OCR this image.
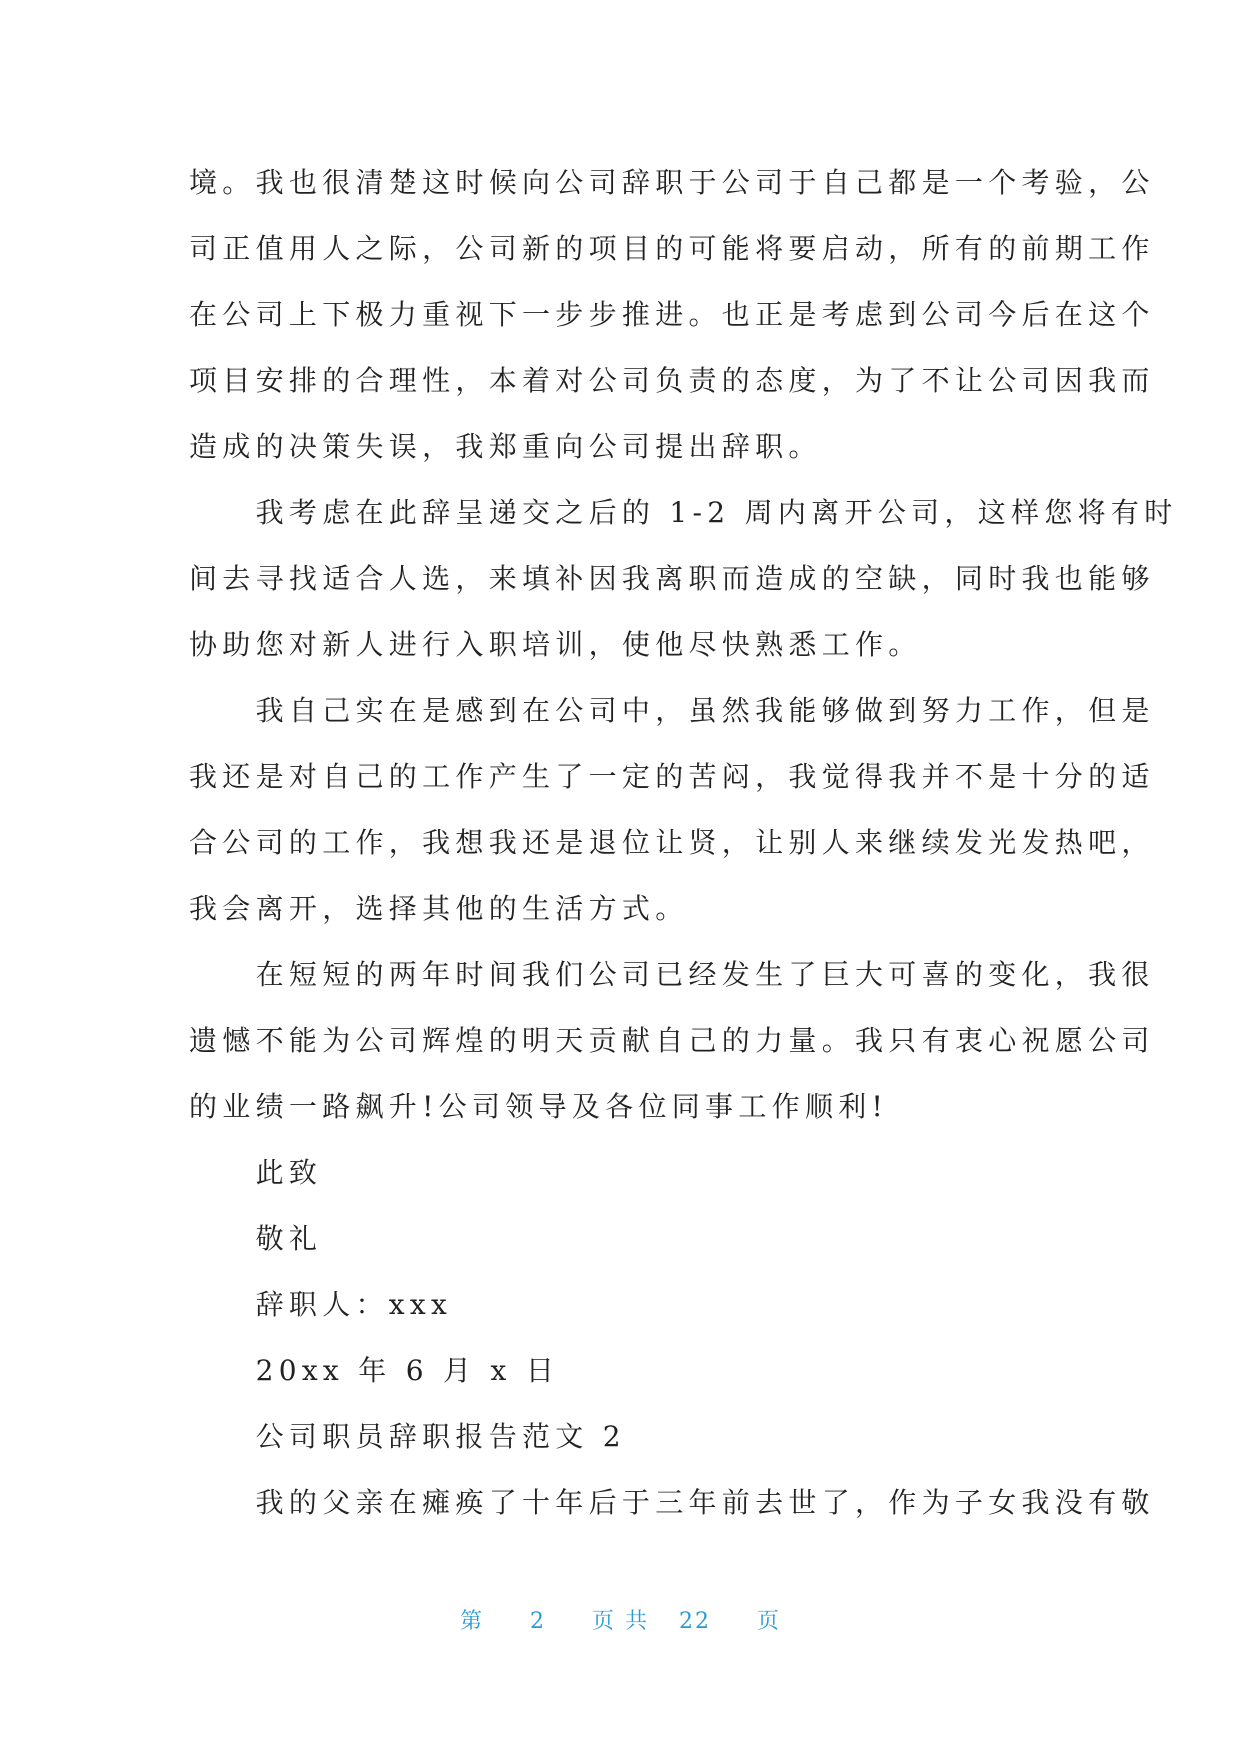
境。我也很清楚这时候向公司辞职于公司于自己都是一个考验，公
司正值用人之际，公司新的项目的可能将要启动，所有的前期工作
在公司上下极力重视下一步步推进。也正是考虑到公司今后在这个
项目安排的合理性，本着对公司负责的态度，为了不让公司因我而
造成的决策失误，我郑重向公司提出辞职。
　　我考虑在此辞呈递交之后的 1-2 周内离开公司，这样您将有时
间去寻找适合人选，来填补因我离职而造成的空缺，同时我也能够
协助您对新人进行入职培训，使他尽快熟悉工作。
　　我自己实在是感到在公司中，虽然我能够做到努力工作，但是
我还是对自己的工作产生了一定的苦闷，我觉得我并不是十分的适
合公司的工作，我想我还是退位让贤，让别人来继续发光发热吧，
我会离开，选择其他的生活方式。
　　在短短的两年时间我们公司已经发生了巨大可喜的变化，我很
遗憾不能为公司辉煌的明天贡献自己的力量。我只有衷心祝愿公司
的业绩一路飙升!公司领导及各位同事工作顺利!
　　此致
　　敬礼
　　辞职人：xxx
　　20xx 年 6 月 x 日
　　公司职员辞职报告范文 2
　　我的父亲在瘫痪了十年后于三年前去世了，作为子女我没有敬
第 2 页 共 22 页
